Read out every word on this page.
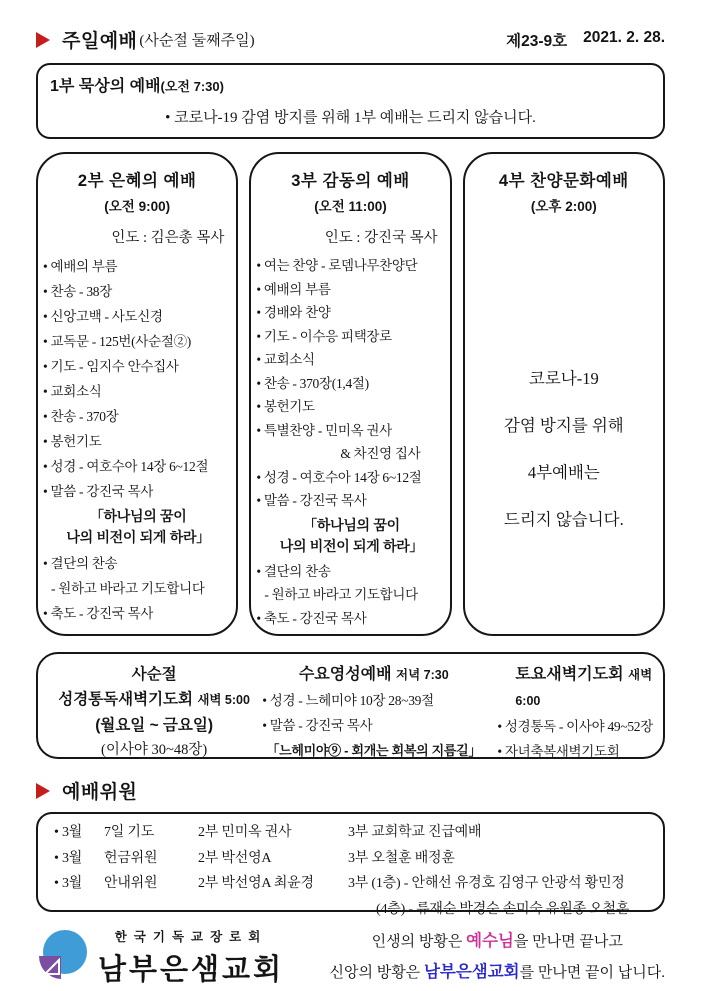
주일예배 (사순절 둘째주일)	제23-9호 2021. 2. 28.
1부 묵상의 예배(오전 7:30)
• 코로나-19 감염 방지를 위해 1부 예배는 드리지 않습니다.
2부 은혜의 예배
(오전 9:00)
인도 : 김은총 목사
• 예배의 부름
• 찬송 - 38장
• 신앙고백 - 사도신경
• 교독문 - 125번(사순절②)
• 기도 - 임지수 안수집사
• 교회소식
• 찬송 - 370장
• 봉헌기도
• 성경 - 여호수아 14장 6~12절
• 말씀 - 강진국 목사
「하나님의 꿈이
나의 비전이 되게 하라」
• 결단의 찬송
- 원하고 바라고 기도합니다
• 축도 - 강진국 목사
3부 감동의 예배
(오전 11:00)
인도 : 강진국 목사
• 여는 찬양 - 로뎀나무찬양단
• 예배의 부름
• 경배와 찬양
• 기도 - 이수응 피택장로
• 교회소식
• 찬송 - 370장(1,4절)
• 봉헌기도
• 특별찬양 - 민미옥 권사
& 차진영 집사
• 성경 - 여호수아 14장 6~12절
• 말씀 - 강진국 목사
「하나님의 꿈이
나의 비전이 되게 하라」
• 결단의 찬송
- 원하고 바라고 기도합니다
• 축도 - 강진국 목사
4부 찬양문화예배
(오후 2:00)
코로나-19
감염 방지를 위해
4부예배는
드리지 않습니다.
사순절
성경통독새벽기도회 새벽 5:00
(월요일 ~ 금요일)
(이사야 30~48장)
수요영성예배 저녁 7:30
• 성경 - 느헤미야 10장 28~39절
• 말씀 - 강진국 목사
「느헤미야⑨ - 회개는 회복의 지름길」
토요새벽기도회 새벽 6:00
• 성경통독 - 이사야 49~52장
• 자녀축복새벽기도회
예배위원
• 3월	7일 기도	2부 민미옥 권사	3부 교회학교 진급예배
• 3월	헌금위원	2부 박선영A	3부 오철훈 배정훈
• 3월	안내위원	2부 박선영A 최윤경	3부 (1층) - 안해선 유경호 김영구 안광석 황민정
(4층) - 류재순 박경순 손미숙 유원종 오철훈
한국기독교장로회
남부은샘교회
인생의 방황은 예수님을 만나면 끝나고
신앙의 방황은 남부은샘교회를 만나면 끝이 납니다.
